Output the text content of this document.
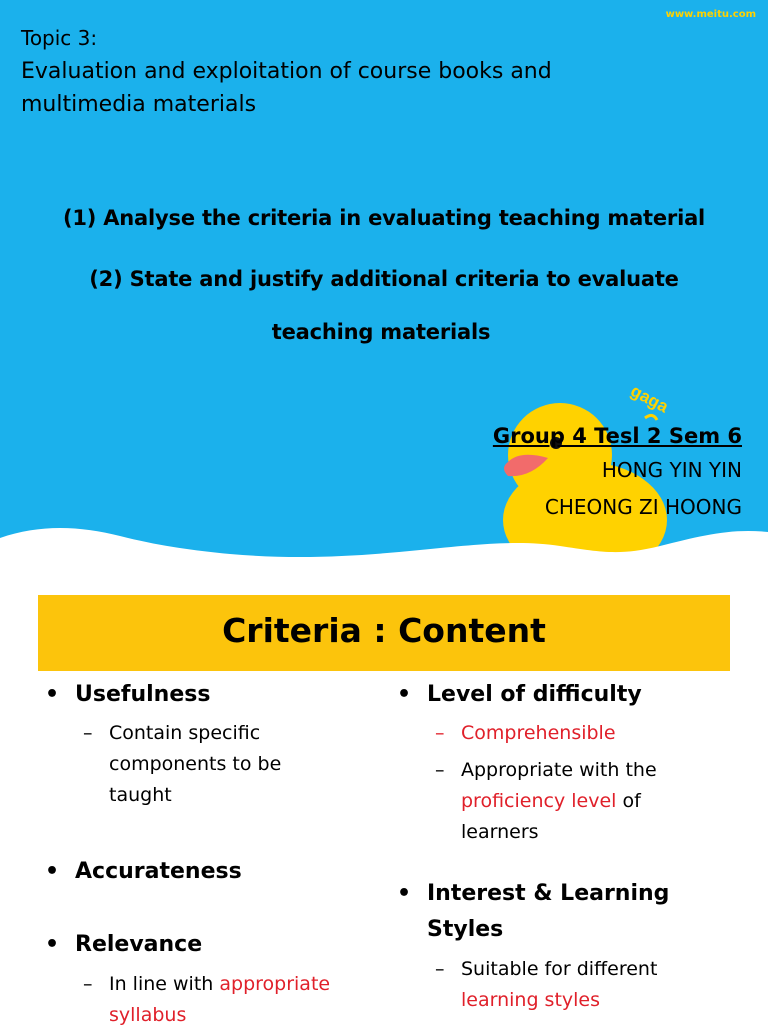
www.meitu.com
Topic 3:
Evaluation and exploitation of course books and multimedia materials
(1) Analyse the criteria in evaluating teaching material
(2) State and justify additional criteria to evaluate
teaching materials
gaga
Group 4 Tesl 2 Sem 6
HONG YIN YIN
CHEONG ZI HOONG
Criteria : Content
• Usefulness
– Contain specific components to be taught
• Accurateness
• Relevance
– In line with appropriate syllabus
• Level of difficulty
– Comprehensible
– Appropriate with the proficiency level of learners
• Interest & Learning Styles
– Suitable for different learning styles
